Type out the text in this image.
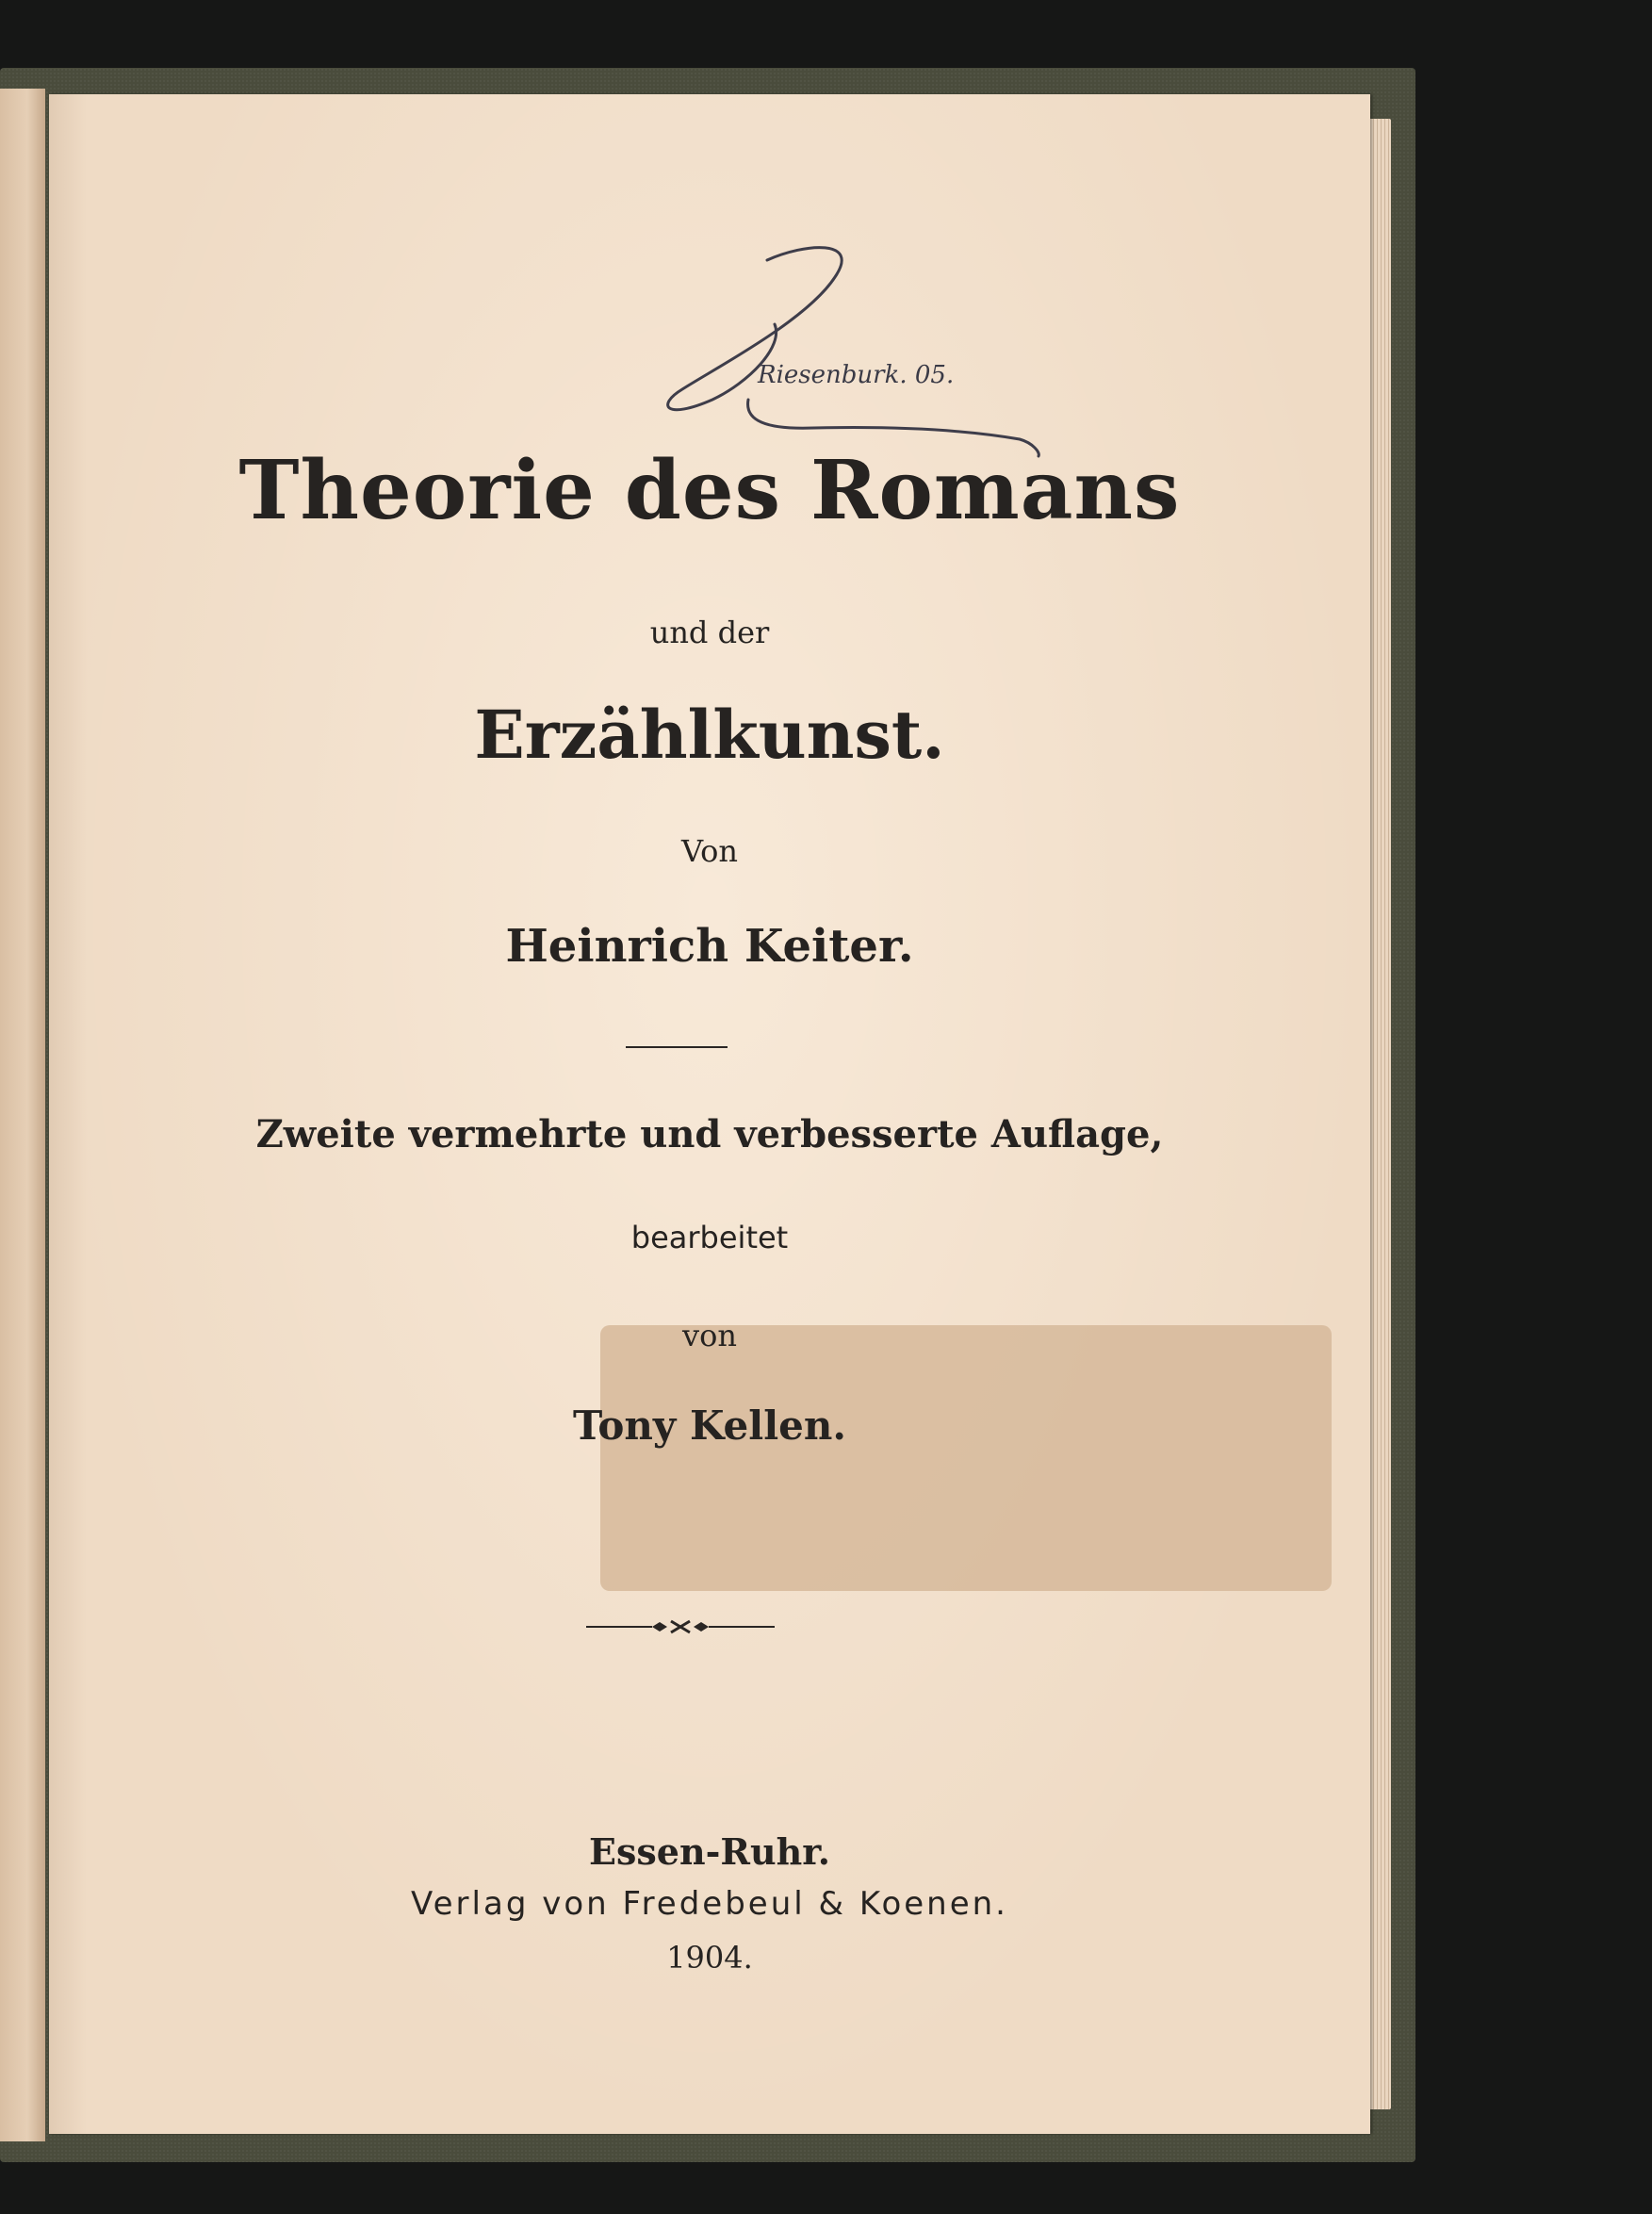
Riesenburk. 05.
Theorie des Romans
und der
Erzählkunst.
Von
Heinrich Keiter.
Zweite vermehrte und verbesserte Auflage,
bearbeitet
von
Tony Kellen.
Essen-Ruhr.
Verlag von Fredebeul & Koenen.
1904.
